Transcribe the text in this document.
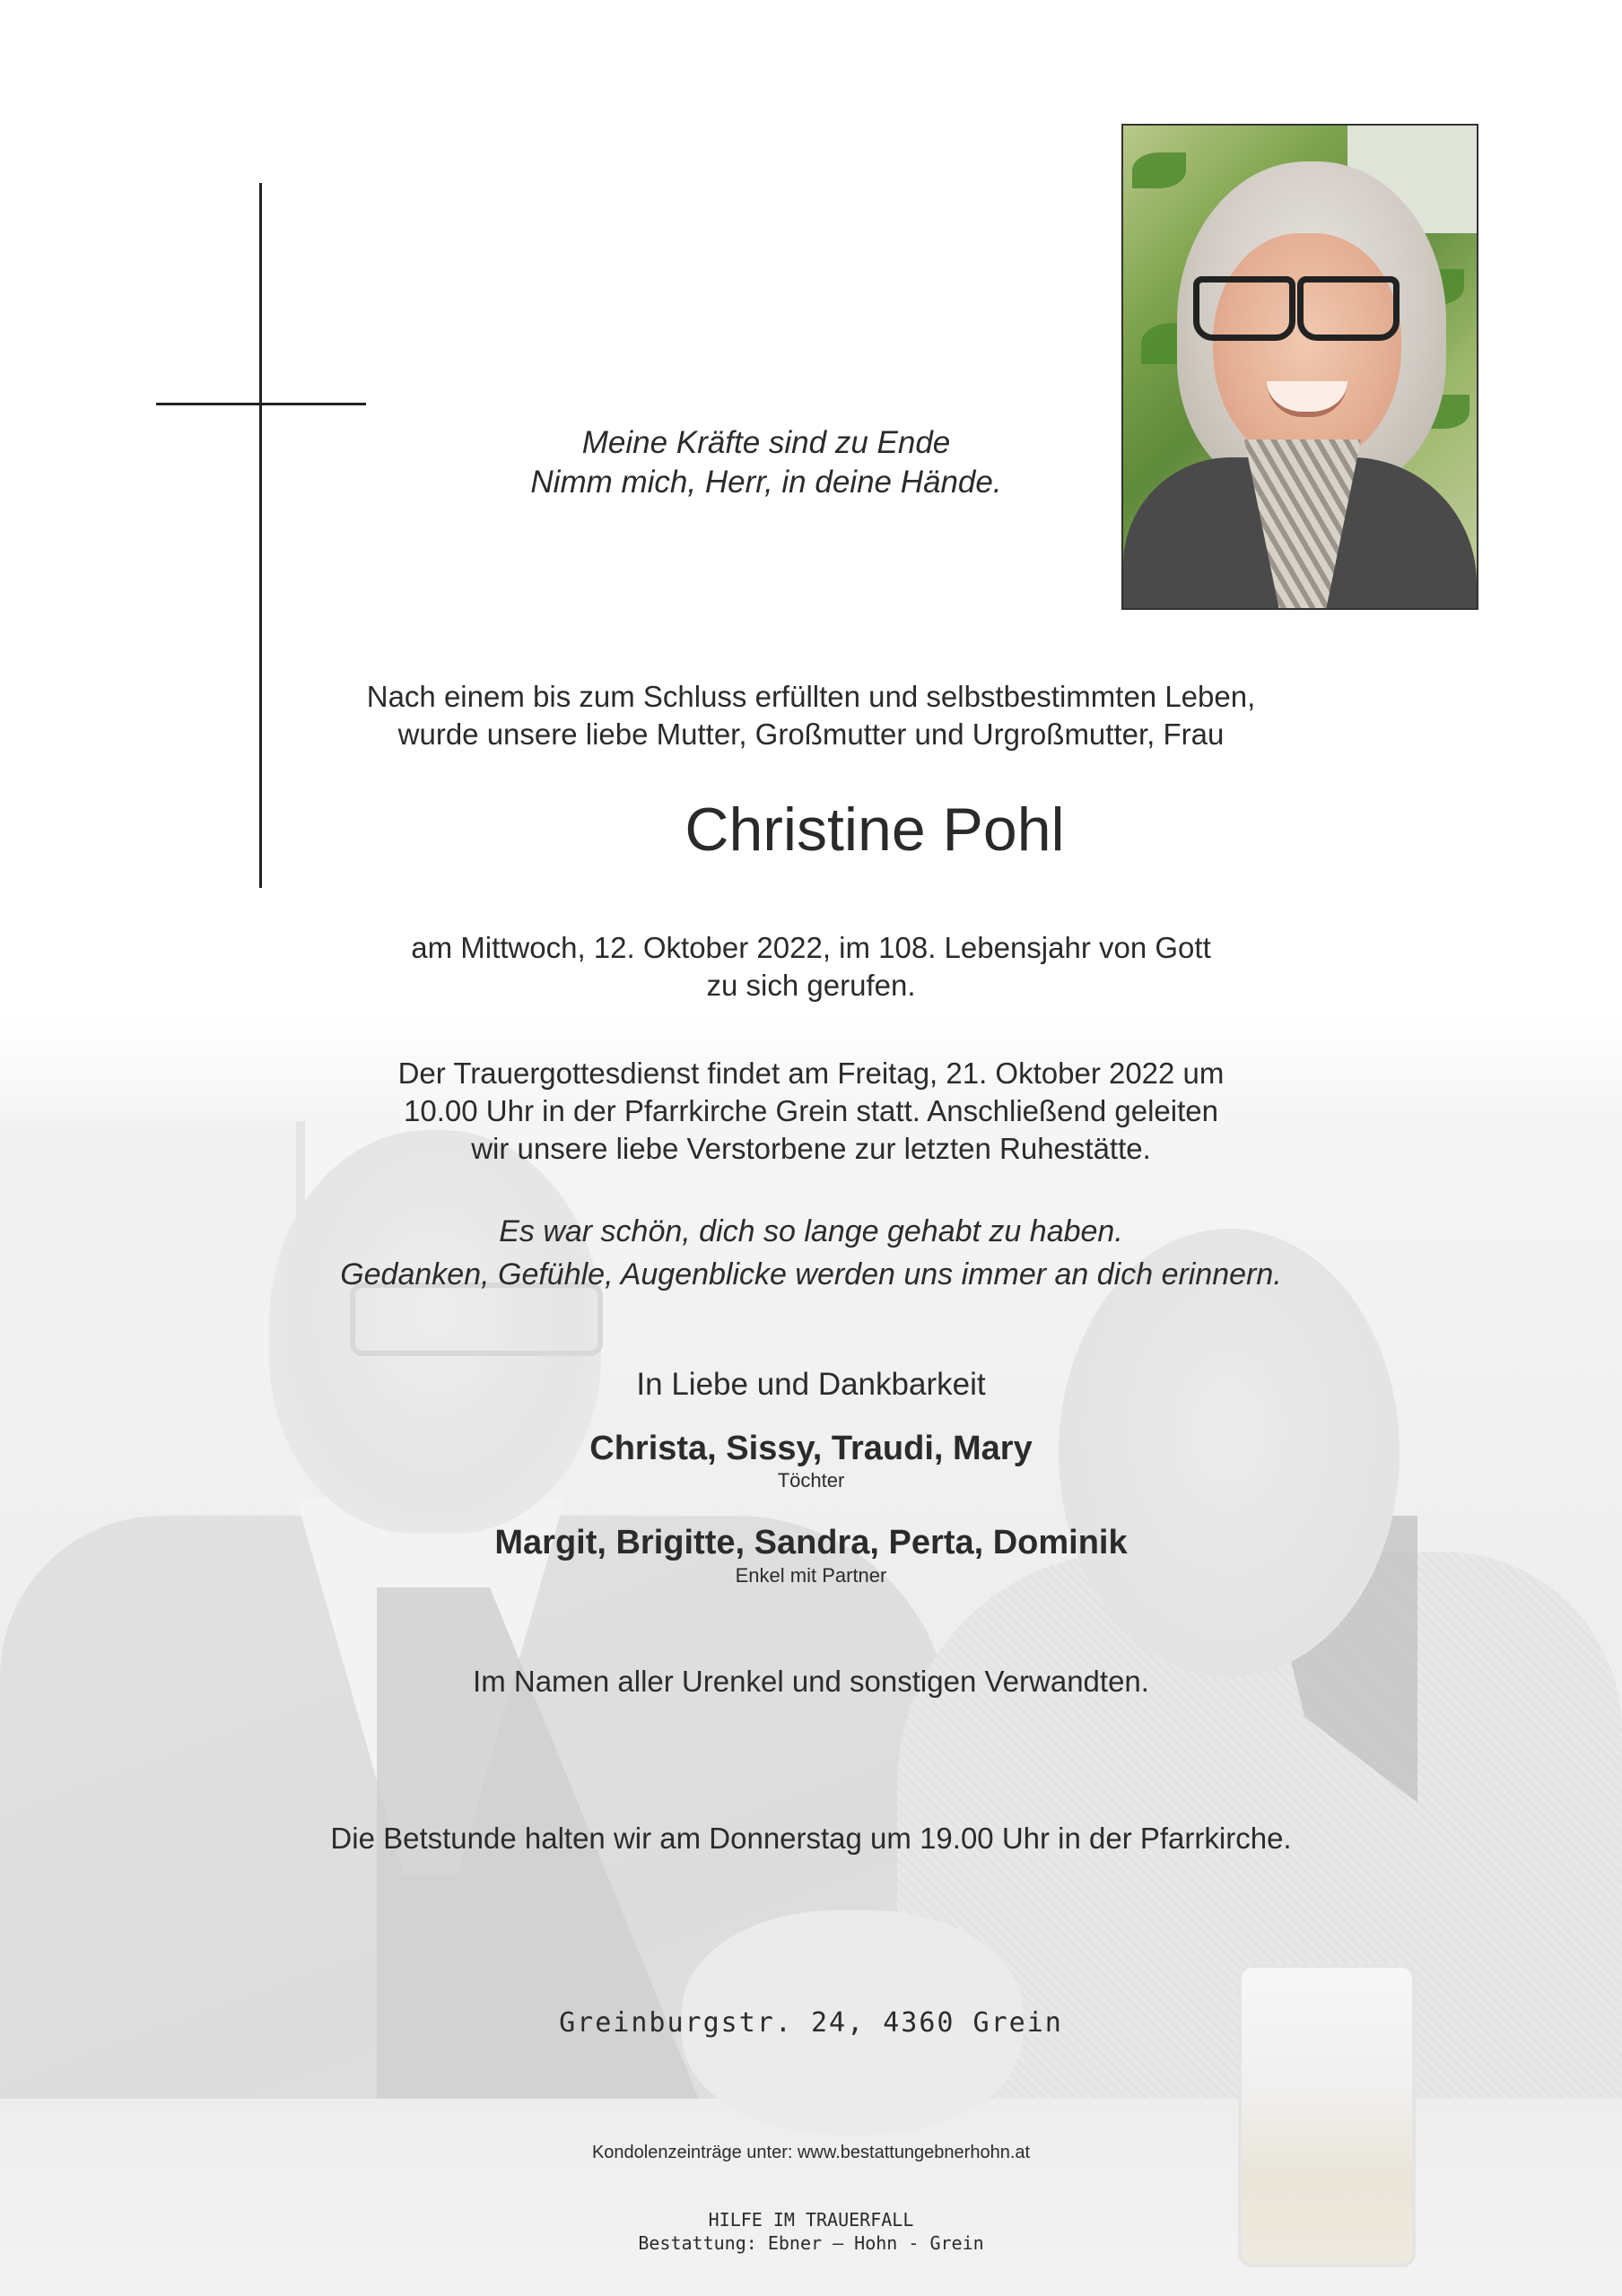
Meine Kräfte sind zu Ende
Nimm mich, Herr, in deine Hände.
Nach einem bis zum Schluss erfüllten und selbstbestimmten Leben,
wurde unsere liebe Mutter, Großmutter und Urgroßmutter, Frau
Christine Pohl
am Mittwoch, 12. Oktober 2022, im 108. Lebensjahr von Gott
zu sich gerufen.
Der Trauergottesdienst findet am Freitag, 21. Oktober 2022 um
10.00 Uhr in der Pfarrkirche Grein statt. Anschließend geleiten
wir unsere liebe Verstorbene zur letzten Ruhestätte.
Es war schön, dich so lange gehabt zu haben.
Gedanken, Gefühle, Augenblicke werden uns immer an dich erinnern.
In Liebe und Dankbarkeit
Christa, Sissy, Traudi, Mary
Töchter
Margit, Brigitte, Sandra, Perta, Dominik
Enkel mit Partner
Im Namen aller Urenkel und sonstigen Verwandten.
Die Betstunde halten wir am Donnerstag um 19.00 Uhr in der Pfarrkirche.
Greinburgstr. 24, 4360 Grein
Kondolenzeinträge unter: www.bestattungebnerhohn.at
HILFE IM TRAUERFALL
Bestattung: Ebner – Hohn - Grein
